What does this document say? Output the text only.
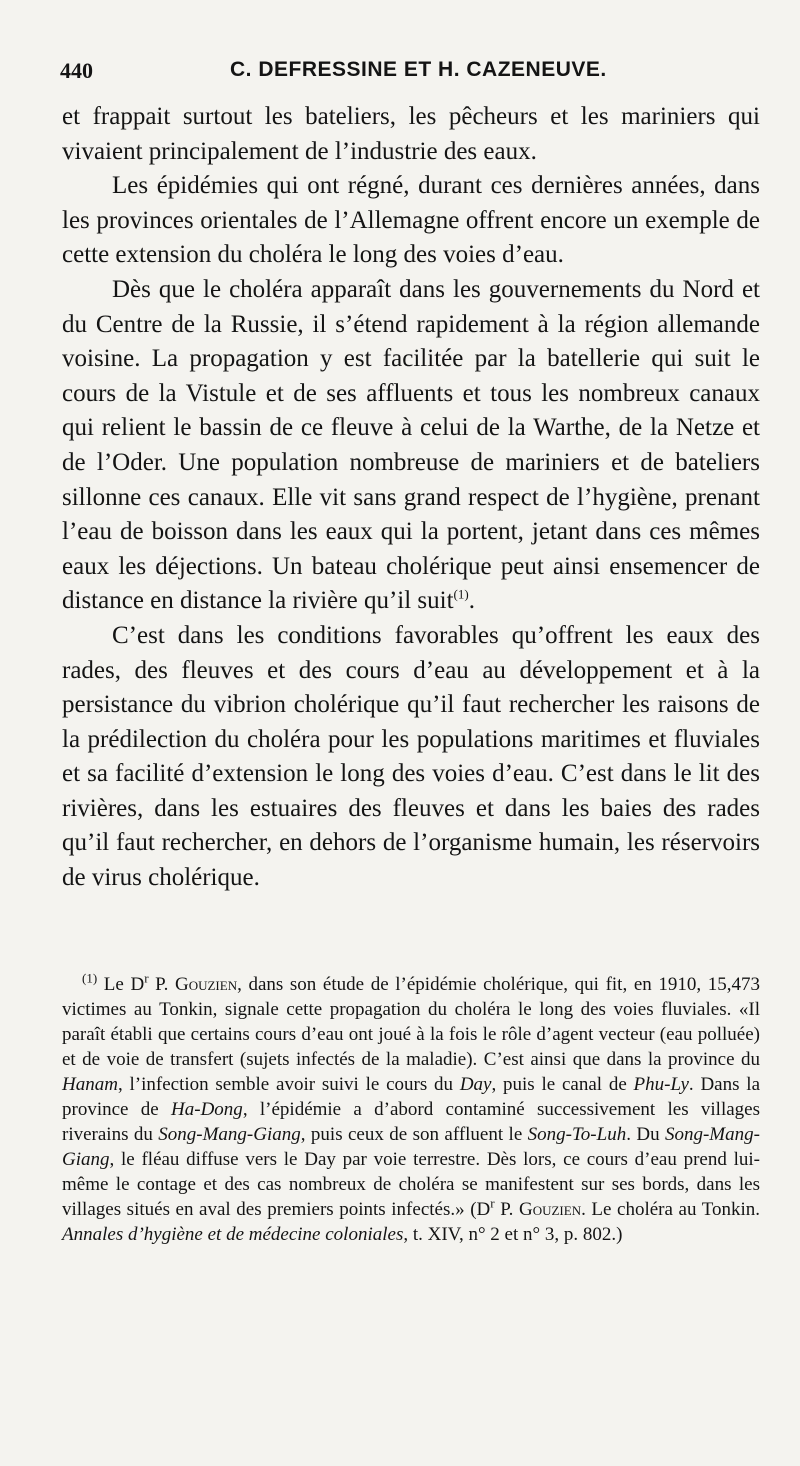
440	C. DEFRESSINE ET H. CAZENEUVE.

et frappait surtout les bateliers, les pêcheurs et les mariniers qui vivaient principalement de l’industrie des eaux.

Les épidémies qui ont régné, durant ces dernières années, dans les provinces orientales de l’Allemagne offrent encore un exemple de cette extension du choléra le long des voies d’eau.

Dès que le choléra apparaît dans les gouvernements du Nord et du Centre de la Russie, il s’étend rapidement à la région allemande voisine. La propagation y est facilitée par la batellerie qui suit le cours de la Vistule et de ses affluents et tous les nombreux canaux qui relient le bassin de ce fleuve à celui de la Warthe, de la Netze et de l’Oder. Une population nombreuse de mariniers et de bateliers sillonne ces canaux. Elle vit sans grand respect de l’hygiène, prenant l’eau de boisson dans les eaux qui la portent, jetant dans ces mêmes eaux les déjections. Un bateau cholérique peut ainsi ensemencer de distance en distance la rivière qu’il suit$^{(1)}$.

C’est dans les conditions favorables qu’offrent les eaux des rades, des fleuves et des cours d’eau au développement et à la persistance du vibrion cholérique qu’il faut rechercher les raisons de la prédilection du choléra pour les populations maritimes et fluviales et sa facilité d’extension le long des voies d’eau. C’est dans le lit des rivières, dans les estuaires des fleuves et dans les baies des rades qu’il faut rechercher, en dehors de l’organisme humain, les réservoirs de virus cholérique.

$^{(1)}$ Le $D^r$ P. Gouzien, dans son étude de l’épidémie cholérique, qui fit, en 1910, 15,473 victimes au Tonkin, signale cette propagation du choléra le long des voies fluviales. «Il paraît établi que certains cours d’eau ont joué à la fois le rôle d’agent vecteur (eau polluée) et de voie de transfert (sujets infectés de la maladie). C’est ainsi que dans la province du Hanam, l’infection semble avoir suivi le cours du Day, puis le canal de Phu-Ly. Dans la province de Ha-Dong, l’épidémie a d’abord contaminé successivement les villages riverains du Song-Mang-Giang, puis ceux de son affluent le Song-To-Luh. Du Song-Mang-Giang, le fléau diffuse vers le Day par voie terrestre. Dès lors, ce cours d’eau prend lui-même le contage et des cas nombreux de choléra se manifestent sur ses bords, dans les villages situés en aval des premiers points infectés.» ($D^r$ P. Gouzien. Le choléra au Tonkin. Annales d’hygiène et de médecine coloniales, t. XIV, n° 2 et n° 3, p. 802.)
